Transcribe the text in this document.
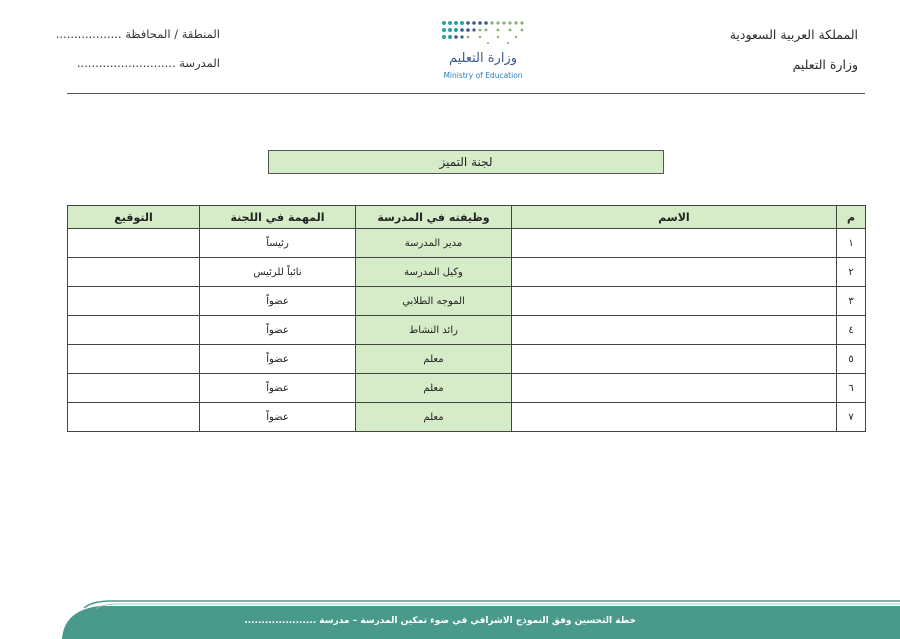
المملكة العربية السعودية
وزارة التعليم
المنطقة / المحافظة ..................
المدرسة ...........................	وزارة التعليم
Ministry of Education
لجنة التميز
م	الاسم	وظيفته في المدرسة	المهمة في اللجنة	التوقيع
١		مدير المدرسة	رئيساً	
٢		وكيل المدرسة	نائباً للرئيس	
٣		الموجه الطلابي	عضواً	
٤		رائد النشاط	عضواً	
٥		معلم	عضواً	
٦		معلم	عضواً	
٧		معلم	عضواً	
خطة التحسين وفق النموذج الاشرافي في ضوء تمكين المدرسة – مدرسة .....................
